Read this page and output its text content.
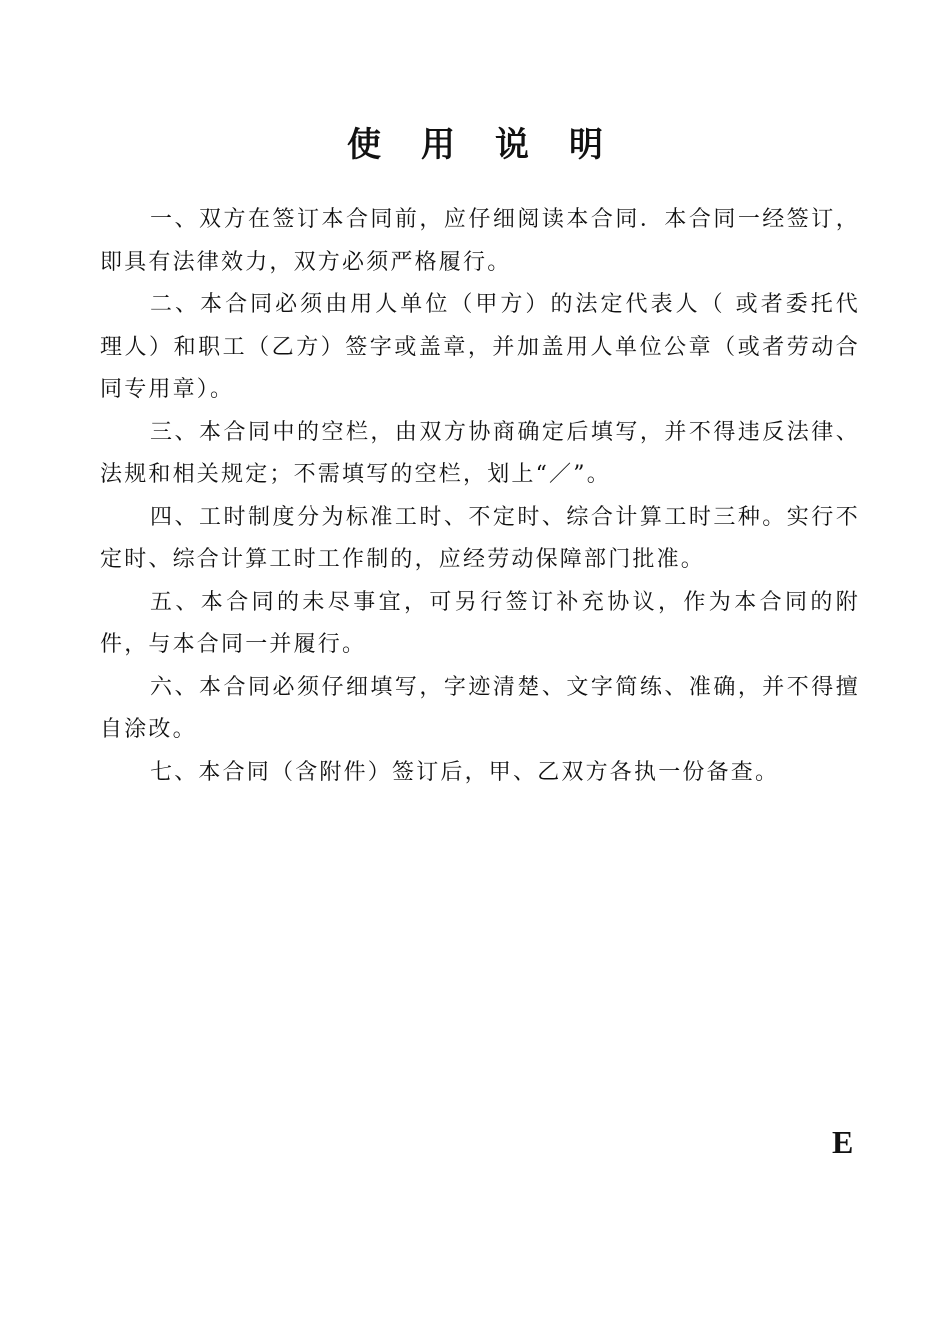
使用说明

一、双方在签订本合同前，应仔细阅读本合同．本合同一经签订，即具有法律效力，双方必须严格履行。

二、本合同必须由用人单位（甲方）的法定代表人（ 或者委托代理人）和职工（乙方）签字或盖章，并加盖用人单位公章（或者劳动合同专用章）。

三、本合同中的空栏，由双方协商确定后填写，并不得违反法律、法规和相关规定；不需填写的空栏，划上“／”。

四、工时制度分为标准工时、不定时、综合计算工时三种。实行不定时、综合计算工时工作制的，应经劳动保障部门批准。

五、本合同的未尽事宜，可另行签订补充协议，作为本合同的附件，与本合同一并履行。

六、本合同必须仔细填写，字迹清楚、文字简练、准确，并不得擅自涂改。

七、本合同（含附件）签订后，甲、乙双方各执一份备查。

E
